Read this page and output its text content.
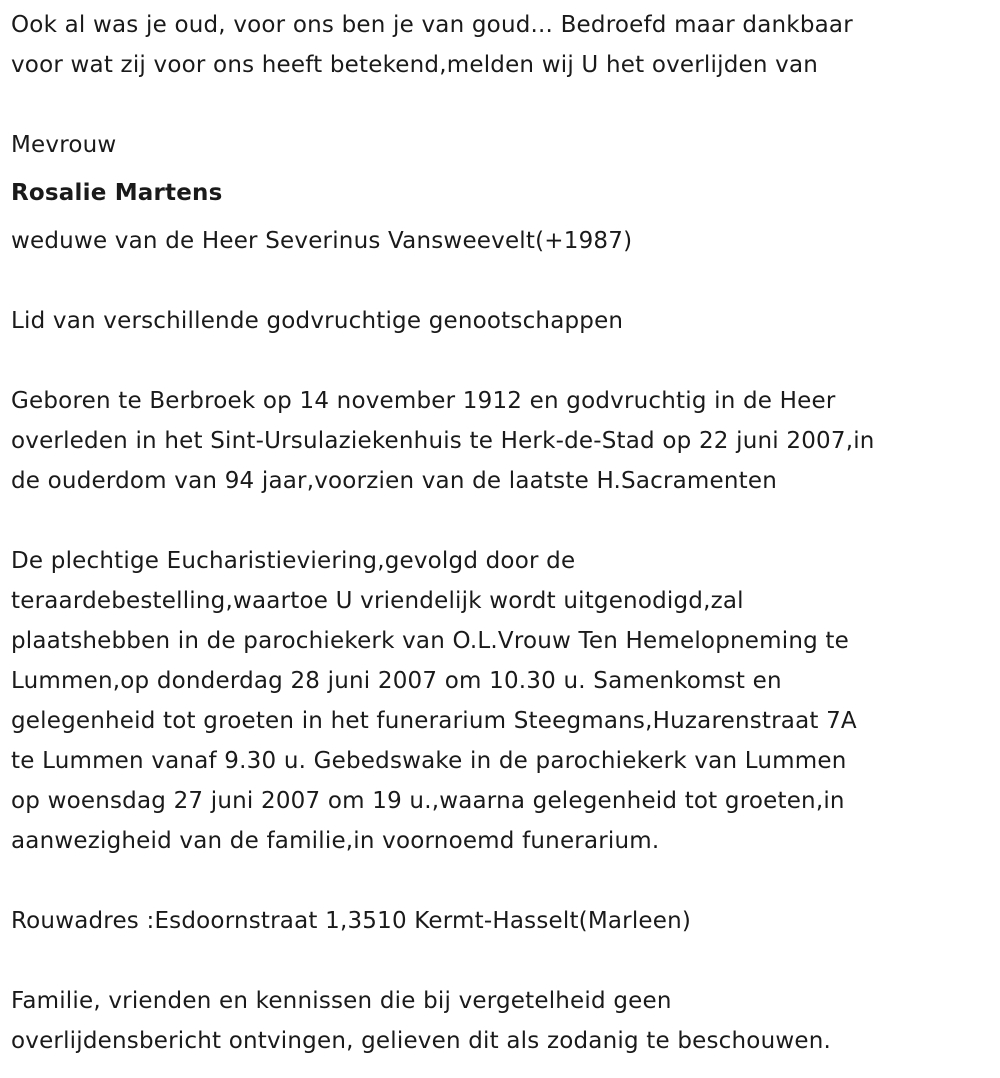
Ook al was je oud, voor ons ben je van goud... Bedroefd maar dankbaar
voor wat zij voor ons heeft betekend,melden wij U het overlijden van
Mevrouw
Rosalie Martens
weduwe van de Heer Severinus Vansweevelt(+1987)
Lid van verschillende godvruchtige genootschappen
Geboren te Berbroek op 14 november 1912 en godvruchtig in de Heer
overleden in het Sint-Ursulaziekenhuis te Herk-de-Stad op 22 juni 2007,in
de ouderdom van 94 jaar,voorzien van de laatste H.Sacramenten
De plechtige Eucharistieviering,gevolgd door de
teraardebestelling,waartoe U vriendelijk wordt uitgenodigd,zal
plaatshebben in de parochiekerk van O.L.Vrouw Ten Hemelopneming te
Lummen,op donderdag 28 juni 2007 om 10.30 u. Samenkomst en
gelegenheid tot groeten in het funerarium Steegmans,Huzarenstraat 7A
te Lummen vanaf 9.30 u. Gebedswake in de parochiekerk van Lummen
op woensdag 27 juni 2007 om 19 u.,waarna gelegenheid tot groeten,in
aanwezigheid van de familie,in voornoemd funerarium.
Rouwadres :Esdoornstraat 1,3510 Kermt-Hasselt(Marleen)
Familie, vrienden en kennissen die bij vergetelheid geen
overlijdensbericht ontvingen, gelieven dit als zodanig te beschouwen.
